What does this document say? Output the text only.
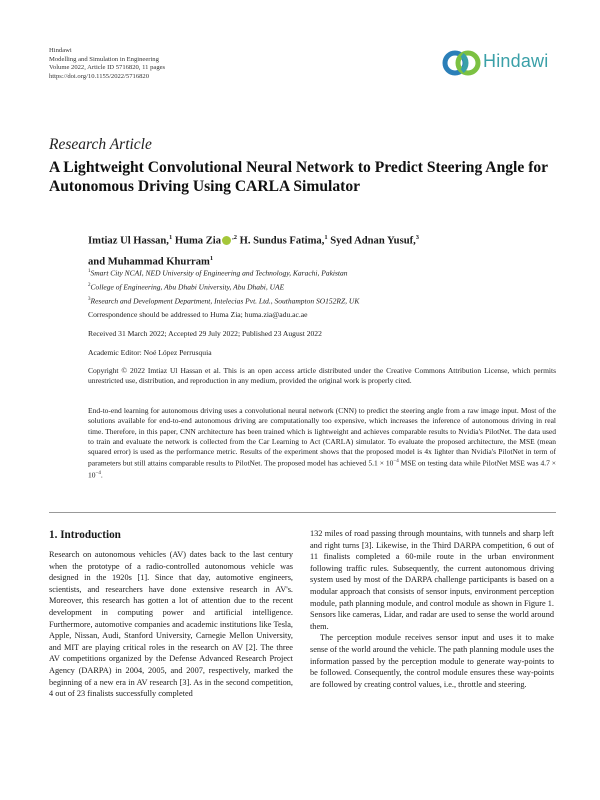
Hindawi
Modelling and Simulation in Engineering
Volume 2022, Article ID 5716820, 11 pages
https://doi.org/10.1155/2022/5716820
Hindawi
Research Article
A Lightweight Convolutional Neural Network to Predict Steering Angle for Autonomous Driving Using CARLA Simulator
Imtiaz Ul Hassan,$^1$ Huma Zia $^{,2}$ H. Sundus Fatima,$^1$ Syed Adnan Yusuf,$^3$
and Muhammad Khurram$^1$
$^1$Smart City NCAI, NED University of Engineering and Technology, Karachi, Pakistan
$^2$College of Engineering, Abu Dhabi University, Abu Dhabi, UAE
$^3$Research and Development Department, Intelecias Pvt. Ltd., Southampton SO152RZ, UK
Correspondence should be addressed to Huma Zia; huma.zia@adu.ac.ae
Received 31 March 2022; Accepted 29 July 2022; Published 23 August 2022
Academic Editor: Noé López Perrusquia
Copyright © 2022 Imtiaz Ul Hassan et al. This is an open access article distributed under the Creative Commons Attribution License, which permits unrestricted use, distribution, and reproduction in any medium, provided the original work is properly cited.
End-to-end learning for autonomous driving uses a convolutional neural network (CNN) to predict the steering angle from a raw image input. Most of the solutions available for end-to-end autonomous driving are computationally too expensive, which increases the inference of autonomous driving in real time. Therefore, in this paper, CNN architecture has been trained which is lightweight and achieves comparable results to Nvidia's PilotNet. The data used to train and evaluate the network is collected from the Car Learning to Act (CARLA) simulator. To evaluate the proposed architecture, the MSE (mean squared error) is used as the performance metric. Results of the experiment shows that the proposed model is 4x lighter than Nvidia's PilotNet in term of parameters but still attains comparable results to PilotNet. The proposed model has achieved $5.1 \times 10^{-4}$ MSE on testing data while PilotNet MSE was $4.7 \times 10^{-4}$.
1. Introduction

Research on autonomous vehicles (AV) dates back to the last century when the prototype of a radio-controlled autonomous vehicle was designed in the 1920s [1]. Since that day, automotive engineers, scientists, and researchers have done extensive research in AV's. Moreover, this research has gotten a lot of attention due to the recent development in computing power and artificial intelligence. Furthermore, automotive companies and academic institutions like Tesla, Apple, Nissan, Audi, Stanford University, Carnegie Mellon University, and MIT are playing critical roles in the research on AV [2]. The three AV competitions organized by the Defense Advanced Research Project Agency (DARPA) in 2004, 2005, and 2007, respectively, marked the beginning of a new era in AV research [3]. As in the second competition, 4 out of 23 finalists successfully completed

132 miles of road passing through mountains, with tunnels and sharp left and right turns [3]. Likewise, in the Third DARPA competition, 6 out of 11 finalists completed a 60-mile route in the urban environment following traffic rules. Subsequently, the current autonomous driving system used by most of the DARPA challenge participants is based on a modular approach that consists of sensor inputs, environment perception module, path planning module, and control module as shown in Figure 1. Sensors like cameras, Lidar, and radar are used to sense the world around them.

The perception module receives sensor input and uses it to make sense of the world around the vehicle. The path planning module uses the information passed by the perception module to generate way-points to be followed. Consequently, the control module ensures these way-points are followed by creating control values, i.e., throttle and steering.
